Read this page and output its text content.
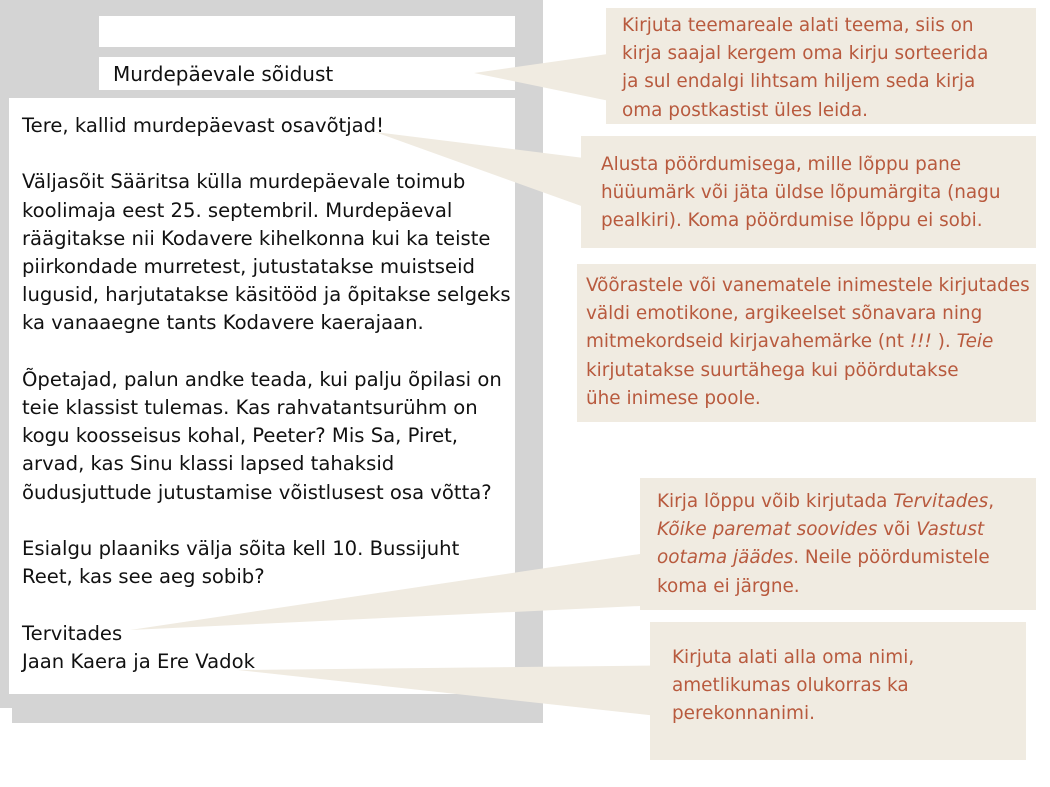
Murdepäevale sõidust

Tere, kallid murdepäevast osavõtjad!

Väljasõit Sääritsa külla murdepäevale toimub
koolimaja eest 25. septembril. Murdepäeval
räägitakse nii Kodavere kihelkonna kui ka teiste
piirkondade murretest, jutustatakse muistseid
lugusid, harjutatakse käsitööd ja õpitakse selgeks
ka vanaaegne tants Kodavere kaerajaan.

Õpetajad, palun andke teada, kui palju õpilasi on
teie klassist tulemas. Kas rahvatantsurühm on
kogu koosseisus kohal, Peeter? Mis Sa, Piret,
arvad, kas Sinu klassi lapsed tahaksid
õudusjuttude jutustamise võistlusest osa võtta?

Esialgu plaaniks välja sõita kell 10. Bussijuht
Reet, kas see aeg sobib?

Tervitades
Jaan Kaera ja Ere Vadok

Kirjuta teemareale alati teema, siis on
kirja saajal kergem oma kirju sorteerida
ja sul endalgi lihtsam hiljem seda kirja
oma postkastist üles leida.
Alusta pöördumisega, mille lõppu pane
hüüumärk või jäta üldse lõpumärgita (nagu
pealkiri). Koma pöördumise lõppu ei sobi.
Võõrastele või vanematele inimestele kirjutades
väldi emotikone, argikeelset sõnavara ning
mitmekordseid kirjavahemärke (nt !!! ). Teie
kirjutatakse suurtähega kui pöördutakse
ühe inimese poole.
Kirja lõppu võib kirjutada Tervitades,
Kõike paremat soovides või Vastust
ootama jäädes. Neile pöördumistele
koma ei järgne.
Kirjuta alati alla oma nimi,
ametlikumas olukorras ka
perekonnanimi.
